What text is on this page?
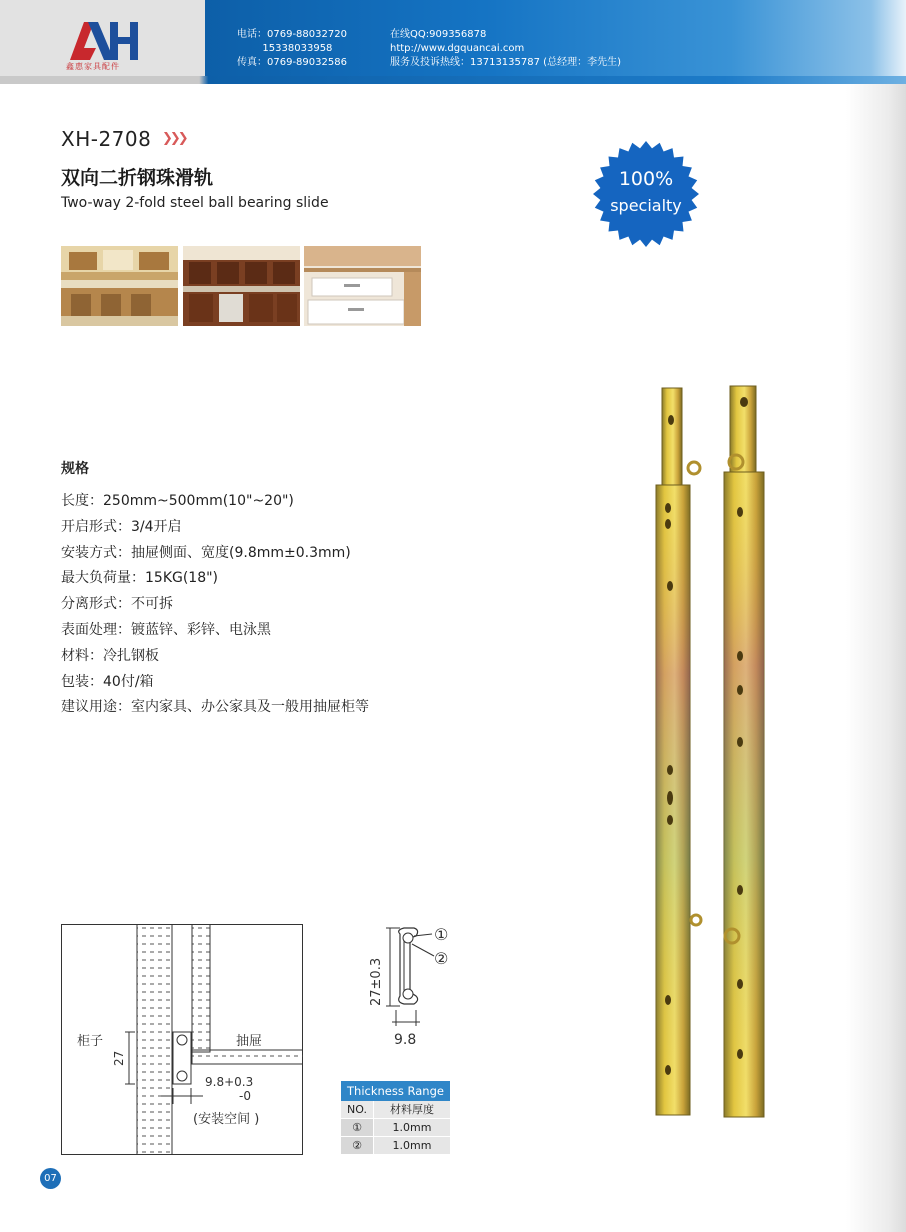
鑫惠家具配件
电话：0769-88032720
15338033958
传真：0769-89032586
在线QQ:909356878
http://www.dgquancai.com
服务及投诉热线：13713135787 (总经理：李先生)
XH-2708 ❯❯❯
双向二折钢珠滑轨
Two-way 2-fold steel ball bearing slide
100%
specialty
规格
长度：250mm~500mm(10"~20")
开启形式：3/4开启
安装方式：抽屉侧面、宽度(9.8mm±0.3mm)
最大负荷量：15KG(18")
分离形式：不可拆
表面处理：镀蓝锌、彩锌、电泳黑
材料：冷扎钢板
包装：40付/箱
建议用途：室内家具、办公家具及一般用抽屉柜等
柜子	抽屉
27
9.8+0.3
-0
(安装空间 )
27±0.3
9.8
①
②
Thickness Range
NO.	材料厚度
①	1.0mm
②	1.0mm
07
